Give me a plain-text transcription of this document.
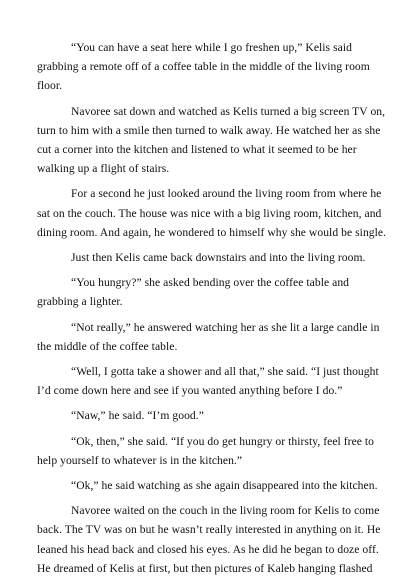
“You can have a seat here while I go freshen up,” Kelis said grabbing a remote off of a coffee table in the middle of the living room floor.

Navoree sat down and watched as Kelis turned a big screen TV on, turn to him with a smile then turned to walk away. He watched her as she cut a corner into the kitchen and listened to what it seemed to be her walking up a flight of stairs.

For a second he just looked around the living room from where he sat on the couch. The house was nice with a big living room, kitchen, and dining room. And again, he wondered to himself why she would be single.

Just then Kelis came back downstairs and into the living room.

“You hungry?” she asked bending over the coffee table and grabbing a lighter.

“Not really,” he answered watching her as she lit a large candle in the middle of the coffee table.

“Well, I gotta take a shower and all that,” she said. “I just thought I’d come down here and see if you wanted anything before I do.”

“Naw,” he said. “I’m good.”

“Ok, then,” she said. “If you do get hungry or thirsty, feel free to help yourself to whatever is in the kitchen.”

“Ok,” he said watching as she again disappeared into the kitchen.

Navoree waited on the couch in the living room for Kelis to come back. The TV was on but he wasn’t really interested in anything on it. He leaned his head back and closed his eyes. As he did he began to doze off. He dreamed of Kelis at first, but then pictures of Kaleb hanging flashed
